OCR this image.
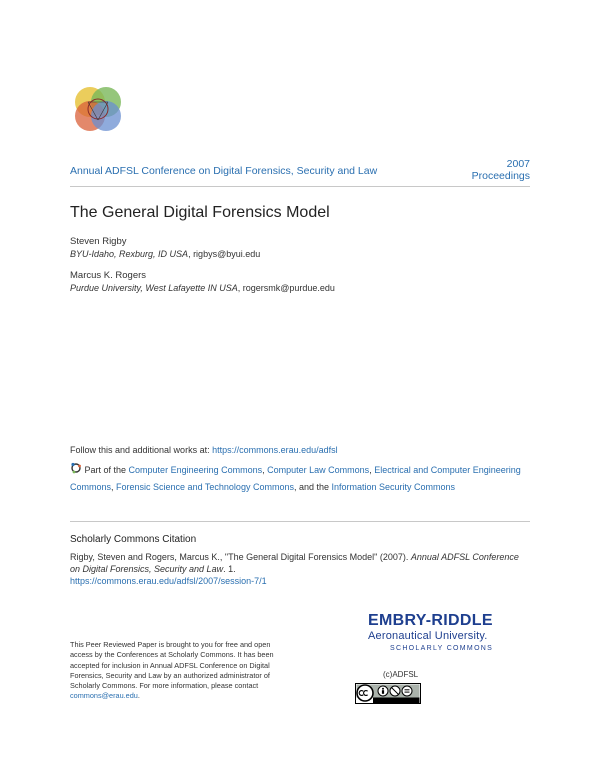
Annual ADFSL Conference on Digital Forensics, Security and Law
2007
Proceedings
The General Digital Forensics Model
Steven Rigby
BYU-Idaho, Rexburg, ID USA, rigbys@byui.edu
Marcus K. Rogers
Purdue University, West Lafayette IN USA, rogersmk@purdue.edu
Follow this and additional works at: https://commons.erau.edu/adfsl
Part of the Computer Engineering Commons, Computer Law Commons, Electrical and Computer Engineering Commons, Forensic Science and Technology Commons, and the Information Security Commons
Scholarly Commons Citation
Rigby, Steven and Rogers, Marcus K., "The General Digital Forensics Model" (2007). Annual ADFSL Conference on Digital Forensics, Security and Law. 1.
https://commons.erau.edu/adfsl/2007/session-7/1
This Peer Reviewed Paper is brought to you for free and open access by the Conferences at Scholarly Commons. It has been accepted for inclusion in Annual ADFSL Conference on Digital Forensics, Security and Law by an authorized administrator of Scholarly Commons. For more information, please contact commons@erau.edu.
EMBRY-RIDDLE
Aeronautical University.
SCHOLARLY COMMONS
(c)ADFSL
